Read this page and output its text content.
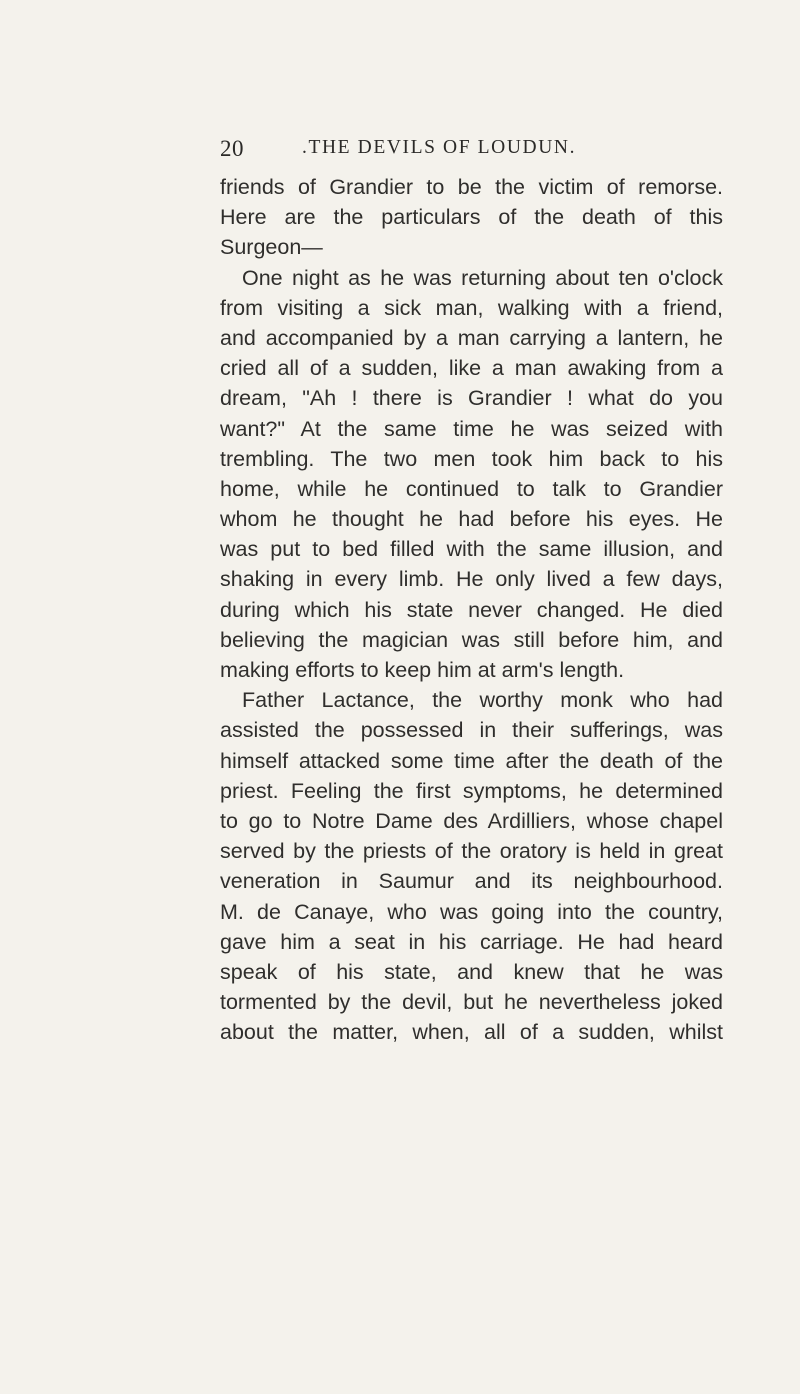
20	.THE DEVILS OF LOUDUN.
friends of Grandier to be the victim of remorse.
Here are the particulars of the death of this
Surgeon—
One night as he was returning about ten o'clock
from visiting a sick man, walking with a friend,
and accompanied by a man carrying a lantern, he
cried all of a sudden, like a man awaking from a
dream, "Ah ! there is Grandier ! what do you
want?" At the same time he was seized with
trembling. The two men took him back to his
home, while he continued to talk to Grandier
whom he thought he had before his eyes. He
was put to bed filled with the same illusion, and
shaking in every limb. He only lived a few days,
during which his state never changed. He died
believing the magician was still before him, and
making efforts to keep him at arm's length.
Father Lactance, the worthy monk who had
assisted the possessed in their sufferings, was
himself attacked some time after the death of the
priest. Feeling the first symptoms, he determined
to go to Notre Dame des Ardilliers, whose chapel
served by the priests of the oratory is held in great
veneration in Saumur and its neighbourhood.
M. de Canaye, who was going into the country,
gave him a seat in his carriage. He had heard
speak of his state, and knew that he was
tormented by the devil, but he nevertheless joked
about the matter, when, all of a sudden, whilst
